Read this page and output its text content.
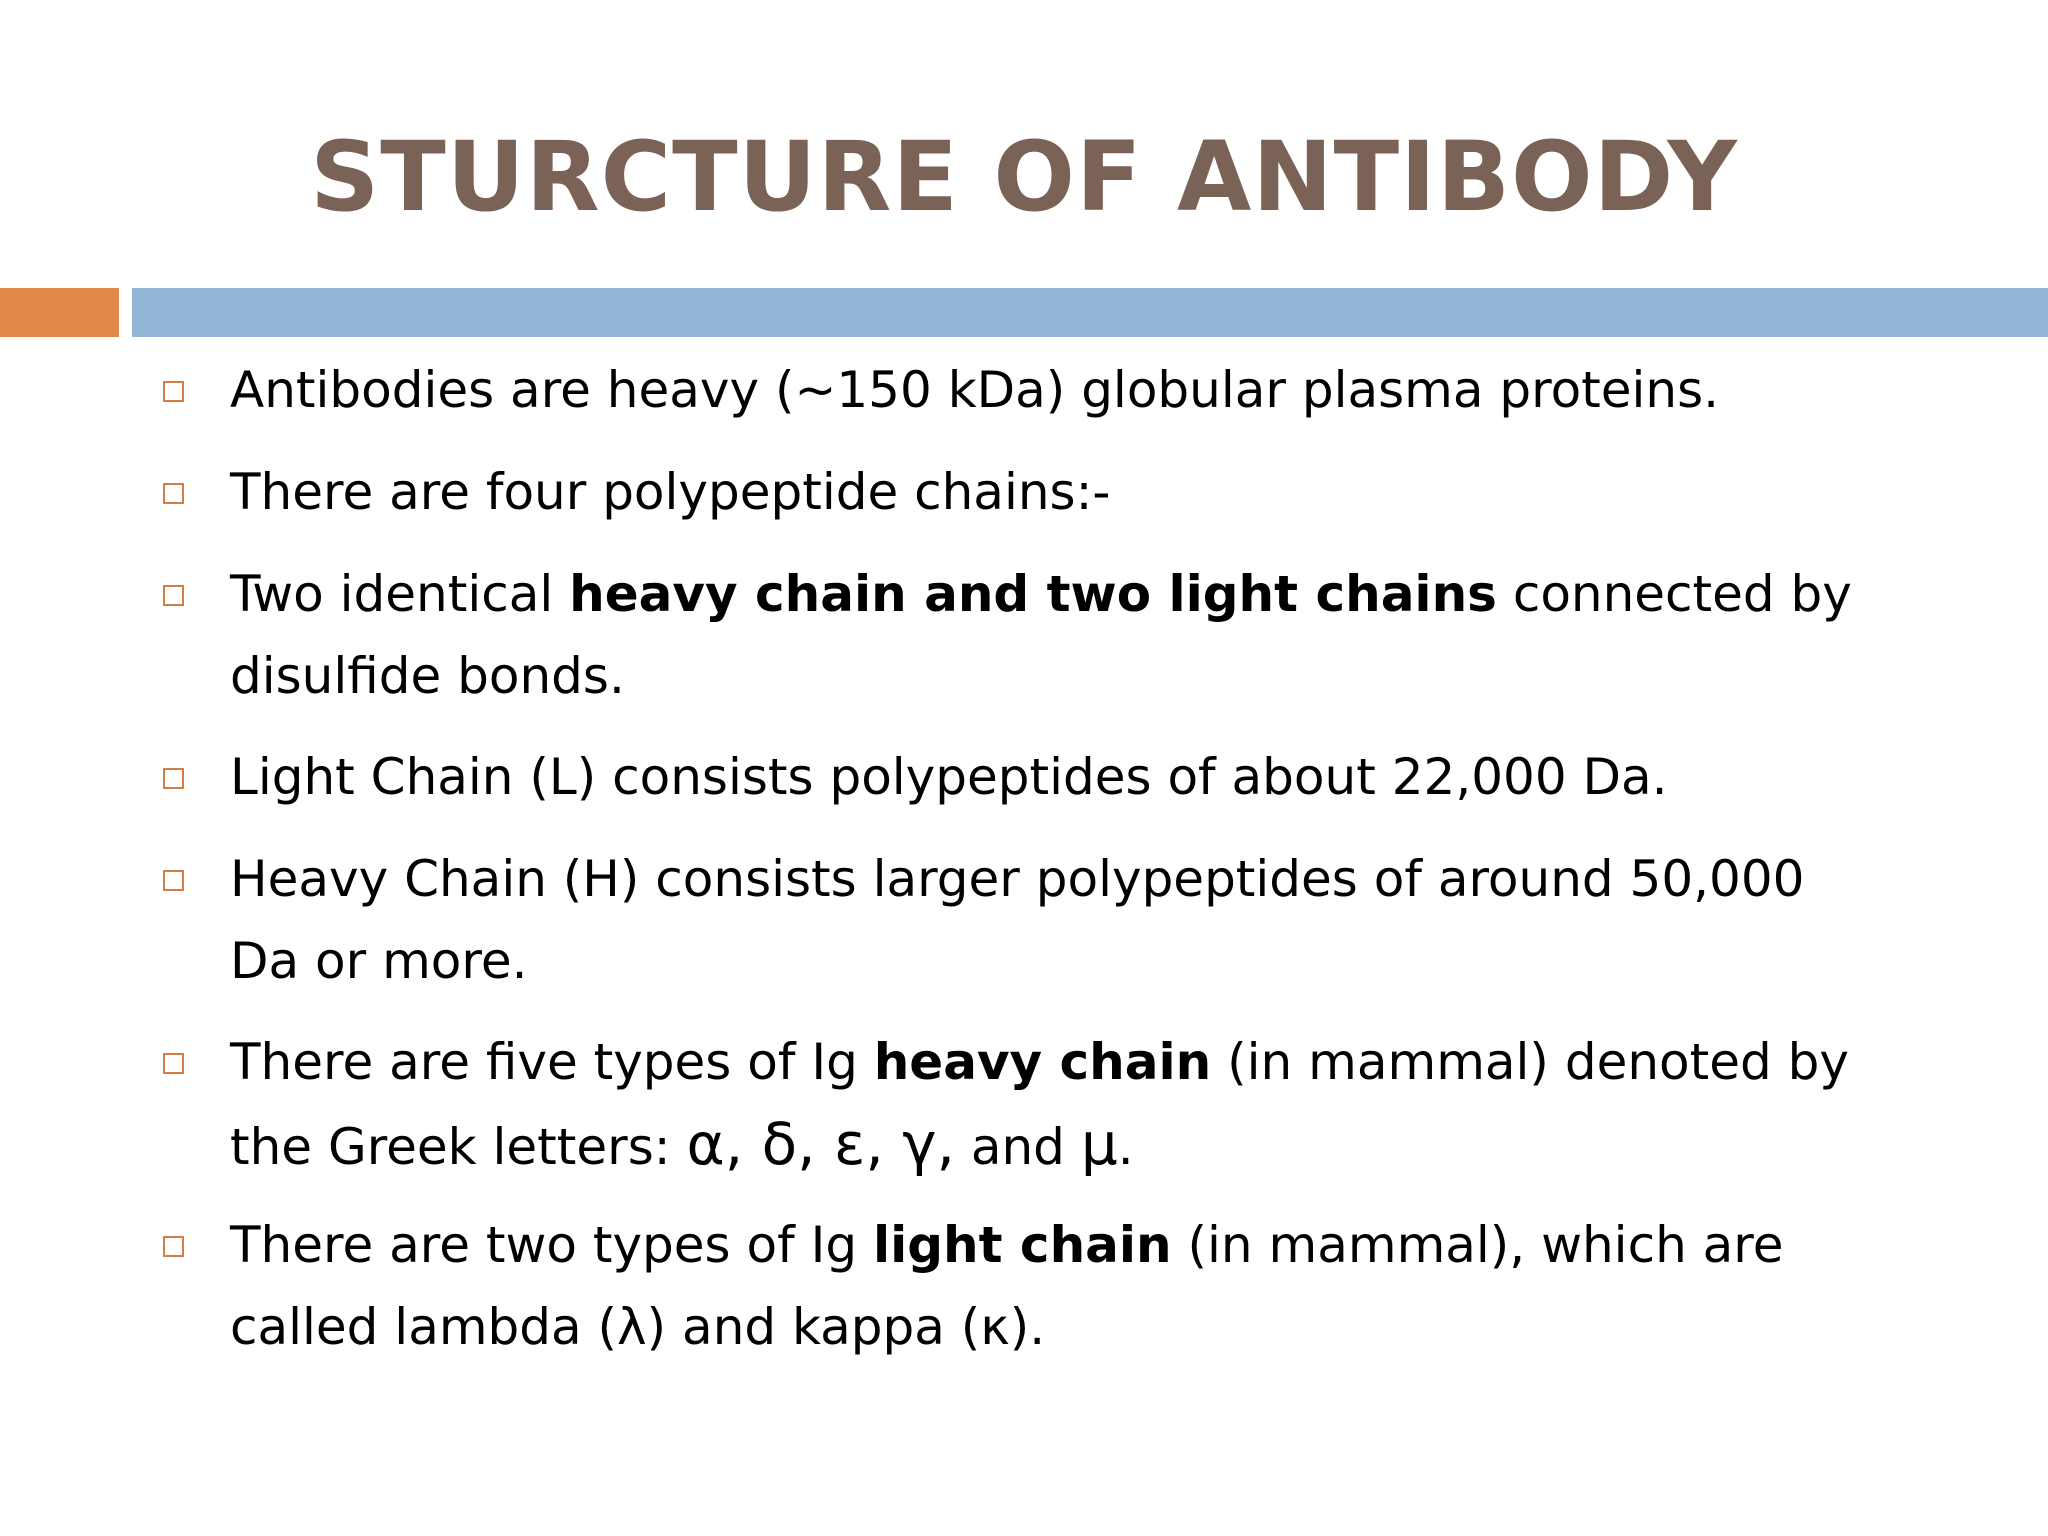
STURCTURE OF ANTIBODY
Antibodies are heavy (~150 kDa) globular plasma proteins.
There are four polypeptide chains:-
Two identical heavy chain and two light chains connected by
disulfide bonds.
Light Chain (L) consists polypeptides of about 22,000 Da.
Heavy Chain (H) consists larger polypeptides of around 50,000
Da or more.
There are five types of Ig heavy chain (in mammal) denoted by
the Greek letters: α, δ, ε, γ, and μ.
There are two types of Ig light chain (in mammal), which are
called lambda (λ) and kappa (κ).
